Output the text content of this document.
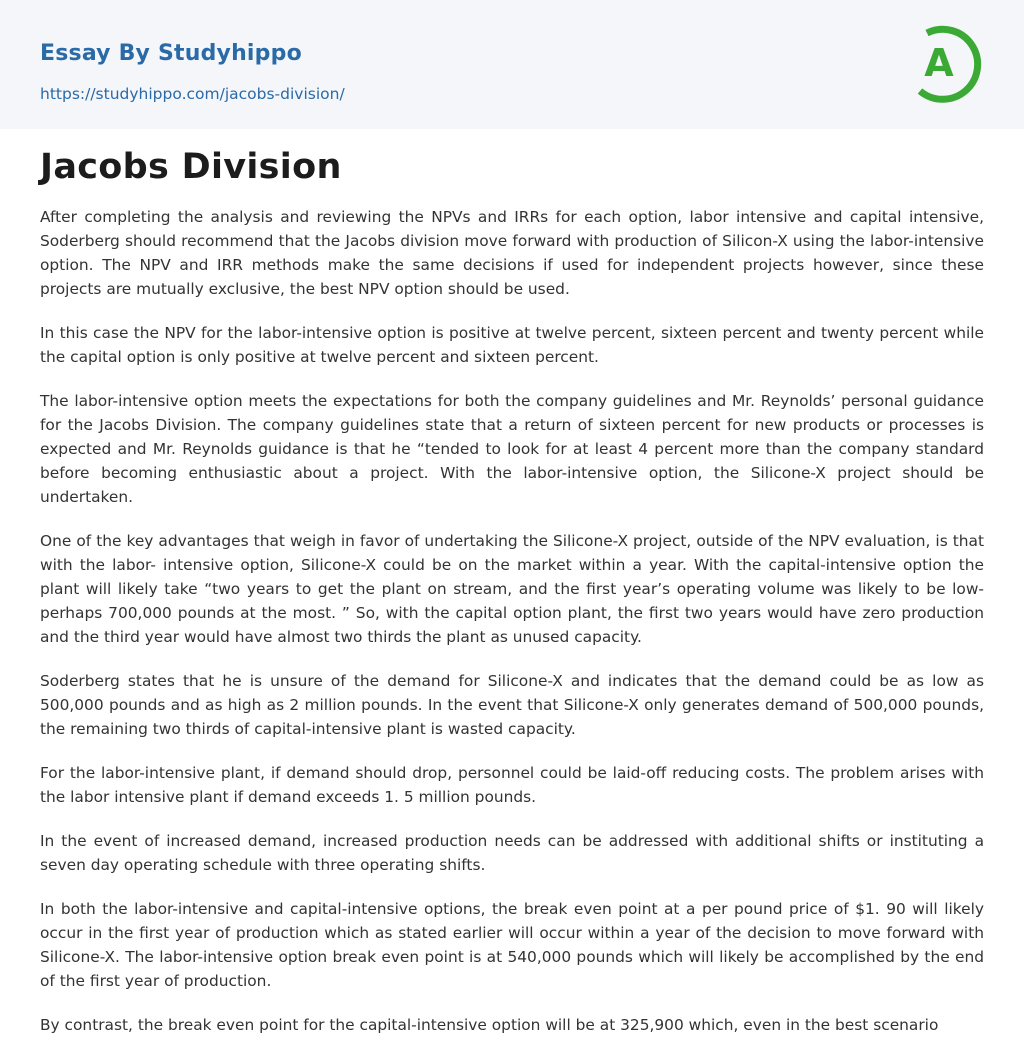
Essay By Studyhippo
https://studyhippo.com/jacobs-division/
A
Jacobs Division

After completing the analysis and reviewing the NPVs and IRRs for each option, labor intensive and capital intensive, Soderberg should recommend that the Jacobs division move forward with production of Silicon-X using the labor-intensive option. The NPV and IRR methods make the same decisions if used for independent projects however, since these projects are mutually exclusive, the best NPV option should be used.

In this case the NPV for the labor-intensive option is positive at twelve percent, sixteen percent and twenty percent while the capital option is only positive at twelve percent and sixteen percent.

The labor-intensive option meets the expectations for both the company guidelines and Mr. Reynolds’ personal guidance for the Jacobs Division. The company guidelines state that a return of sixteen percent for new products or processes is expected and Mr. Reynolds guidance is that he “tended to look for at least 4 percent more than the company standard before becoming enthusiastic about a project. With the labor-intensive option, the Silicone-X project should be undertaken.

One of the key advantages that weigh in favor of undertaking the Silicone-X project, outside of the NPV evaluation, is that with the labor- intensive option, Silicone-X could be on the market within a year. With the capital-intensive option the plant will likely take “two years to get the plant on stream, and the first year’s operating volume was likely to be low-perhaps 700,000 pounds at the most. ” So, with the capital option plant, the first two years would have zero production and the third year would have almost two thirds the plant as unused capacity.

Soderberg states that he is unsure of the demand for Silicone-X and indicates that the demand could be as low as 500,000 pounds and as high as 2 million pounds. In the event that Silicone-X only generates demand of 500,000 pounds, the remaining two thirds of capital-intensive plant is wasted capacity.

For the labor-intensive plant, if demand should drop, personnel could be laid-off reducing costs. The problem arises with the labor intensive plant if demand exceeds 1. 5 million pounds.

In the event of increased demand, increased production needs can be addressed with additional shifts or instituting a seven day operating schedule with three operating shifts.

In both the labor-intensive and capital-intensive options, the break even point at a per pound price of $1. 90 will likely occur in the first year of production which as stated earlier will occur within a year of the decision to move forward with Silicone-X. The labor-intensive option break even point is at 540,000 pounds which will likely be accomplished by the end of the first year of production.

By contrast, the break even point for the capital-intensive option will be at 325,900 which, even in the best scenario
